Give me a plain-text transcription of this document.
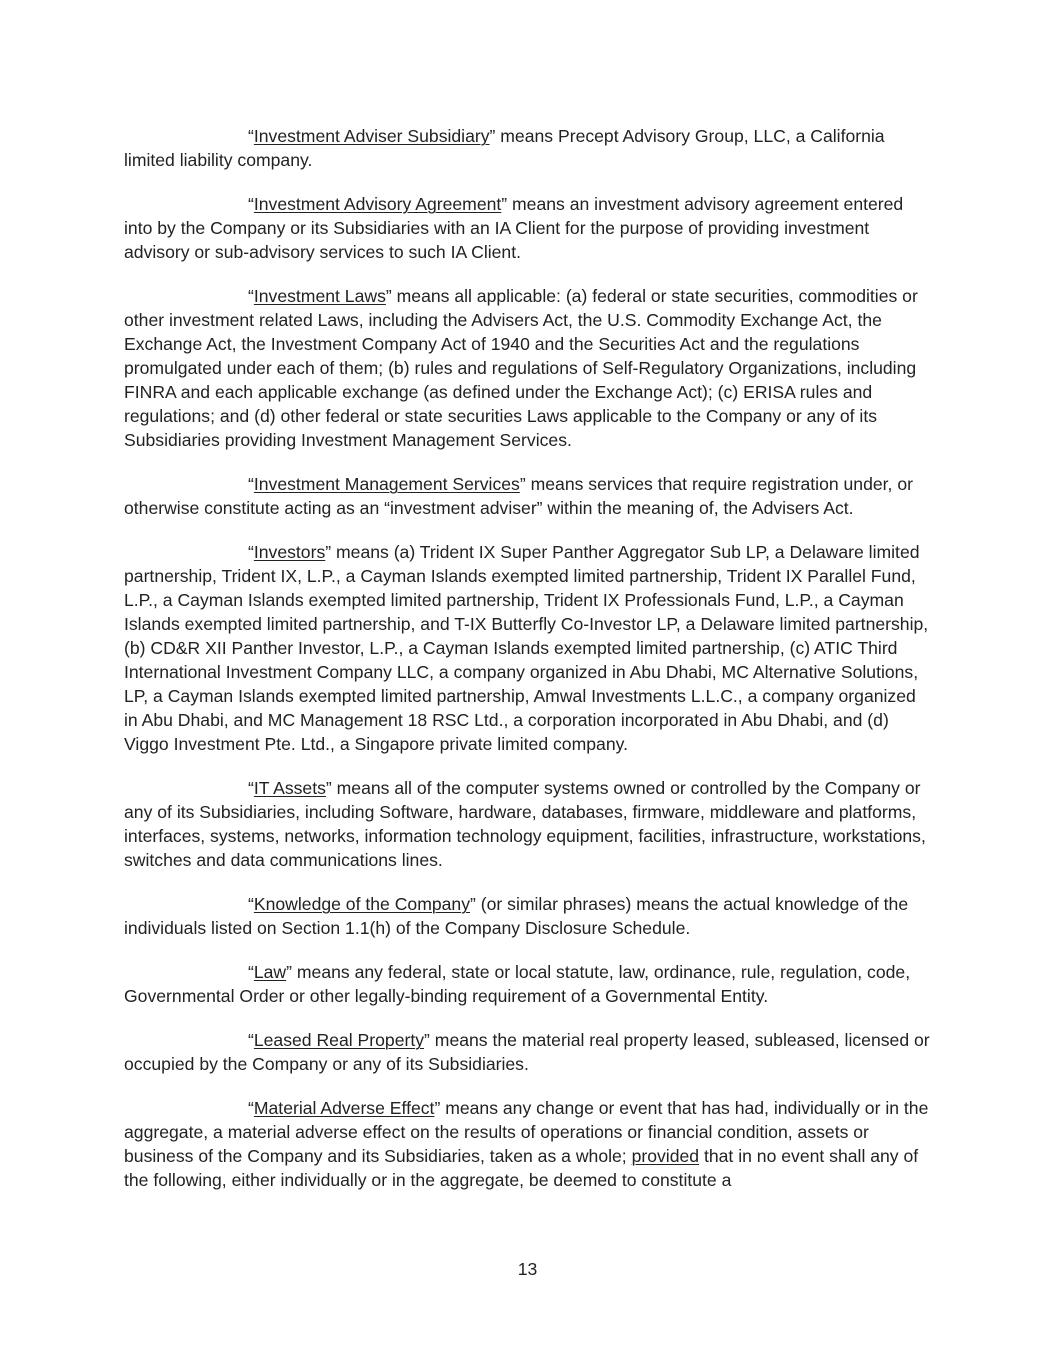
“Investment Adviser Subsidiary” means Precept Advisory Group, LLC, a California limited liability company.

“Investment Advisory Agreement” means an investment advisory agreement entered into by the Company or its Subsidiaries with an IA Client for the purpose of providing investment advisory or sub-advisory services to such IA Client.

“Investment Laws” means all applicable: (a) federal or state securities, commodities or other investment related Laws, including the Advisers Act, the U.S. Commodity Exchange Act, the Exchange Act, the Investment Company Act of 1940 and the Securities Act and the regulations promulgated under each of them; (b) rules and regulations of Self-Regulatory Organizations, including FINRA and each applicable exchange (as defined under the Exchange Act); (c) ERISA rules and regulations; and (d) other federal or state securities Laws applicable to the Company or any of its Subsidiaries providing Investment Management Services.

“Investment Management Services” means services that require registration under, or otherwise constitute acting as an “investment adviser” within the meaning of, the Advisers Act.

“Investors” means (a) Trident IX Super Panther Aggregator Sub LP, a Delaware limited partnership, Trident IX, L.P., a Cayman Islands exempted limited partnership, Trident IX Parallel Fund, L.P., a Cayman Islands exempted limited partnership, Trident IX Professionals Fund, L.P., a Cayman Islands exempted limited partnership, and T-IX Butterfly Co-Investor LP, a Delaware limited partnership, (b) CD&R XII Panther Investor, L.P., a Cayman Islands exempted limited partnership, (c) ATIC Third International Investment Company LLC, a company organized in Abu Dhabi, MC Alternative Solutions, LP, a Cayman Islands exempted limited partnership, Amwal Investments L.L.C., a company organized in Abu Dhabi, and MC Management 18 RSC Ltd., a corporation incorporated in Abu Dhabi, and (d) Viggo Investment Pte. Ltd., a Singapore private limited company.

“IT Assets” means all of the computer systems owned or controlled by the Company or any of its Subsidiaries, including Software, hardware, databases, firmware, middleware and platforms, interfaces, systems, networks, information technology equipment, facilities, infrastructure, workstations, switches and data communications lines.

“Knowledge of the Company” (or similar phrases) means the actual knowledge of the individuals listed on Section 1.1(h) of the Company Disclosure Schedule.

“Law” means any federal, state or local statute, law, ordinance, rule, regulation, code, Governmental Order or other legally-binding requirement of a Governmental Entity.

“Leased Real Property” means the material real property leased, subleased, licensed or occupied by the Company or any of its Subsidiaries.

“Material Adverse Effect” means any change or event that has had, individually or in the aggregate, a material adverse effect on the results of operations or financial condition, assets or business of the Company and its Subsidiaries, taken as a whole; provided that in no event shall any of the following, either individually or in the aggregate, be deemed to constitute a

13
